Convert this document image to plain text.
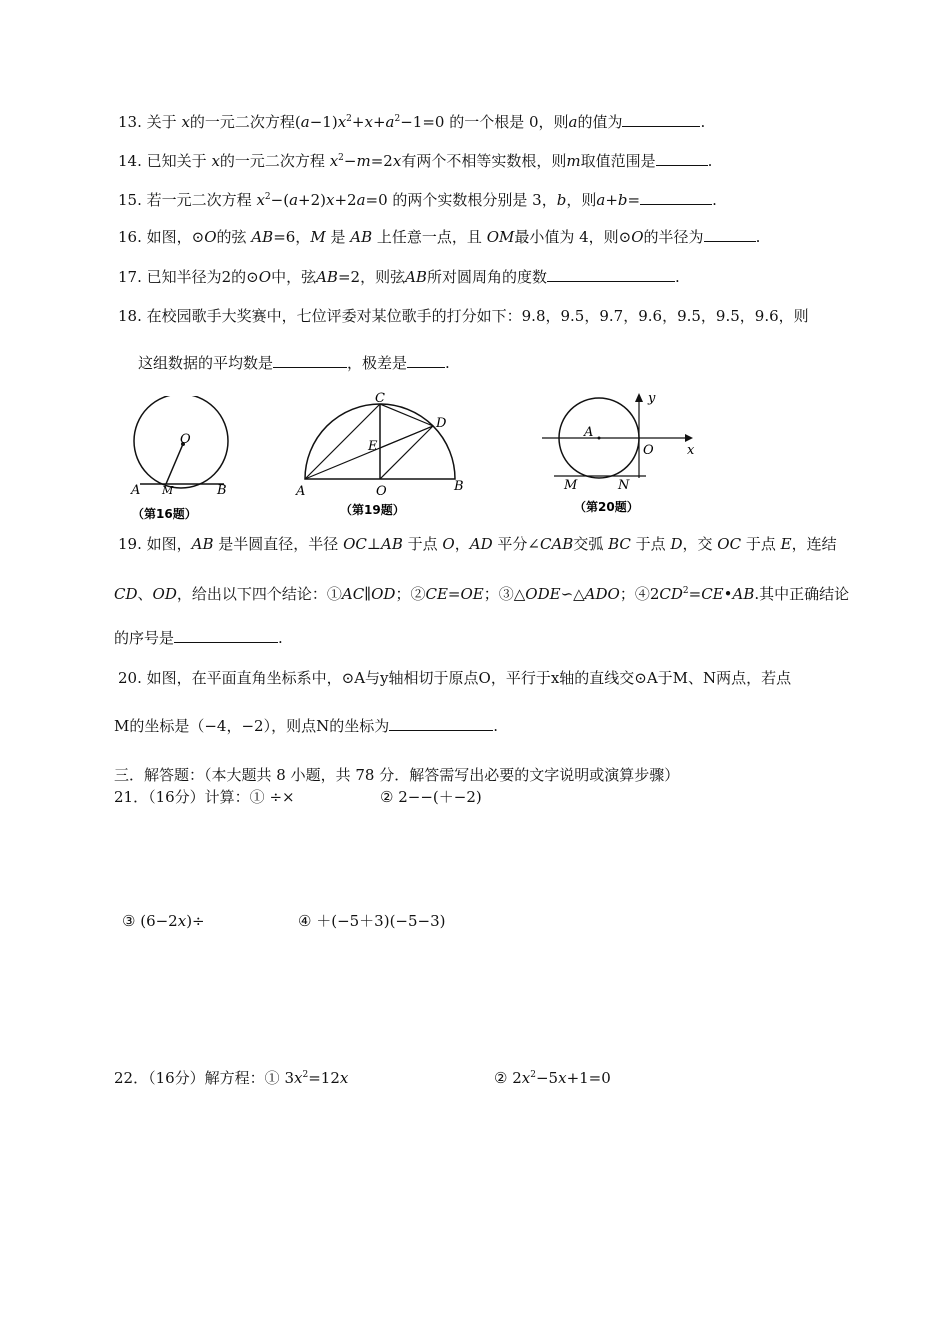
13. 关于 x的一元二次方程$(a-1)x^2+x+a^2-1=0$ 的一个根是 0，则a的值为	.
14. 已知关于 x的一元二次方程 $x^2-m=2x$有两个不相等实数根，则m取值范围是	.
15. 若一元二次方程 $x^2-(a+2)x+2a=0$ 的两个实数根分别是 3，b，则a+b=	.
16. 如图，⊙O的弦 AB=6，M 是 AB 上任意一点，且 OM最小值为 4，则⊙O的半径为	.
17. 已知半径为2的⊙O中，弦AB=2，则弦AB所对圆周角的度数	.
18. 在校园歌手大奖赛中，七位评委对某位歌手的打分如下：9.8，9.5，9.7，9.6，9.5，9.5，9.6，则
这组数据的平均数是	，极差是	.
O
A M	B
（第16题）
C
D
E
A	O	B
（第19题）
y
A
O	x
M	N
（第20题）
19. 如图，AB 是半圆直径，半径 OC⊥AB 于点 O，AD 平分∠CAB交弧 BC 于点 D，交 OC 于点 E，连结
CD、OD，给出以下四个结论：①AC∥OD；②CE=OE；③△ODE∽△ADO；$④2CD^2=CE•AB$.其中正确结论
的序号是	.
20. 如图，在平面直角坐标系中，⊙A与y轴相切于原点O，平行于x轴的直线交⊙A于M、N两点，若点
M的坐标是（−4，−2），则点N的坐标为	.
三．解答题：（本大题共 8 小题，共 78 分．解答需写出必要的文字说明或演算步骤）
21．（16分）计算：① ÷×	② 2−−(＋−2)
③ (6−2x)÷	④ ＋(−5＋3)(−5−3)
22．（16分）解方程：① $3x^2=12x$	② $2x^2-5x+1=0$
